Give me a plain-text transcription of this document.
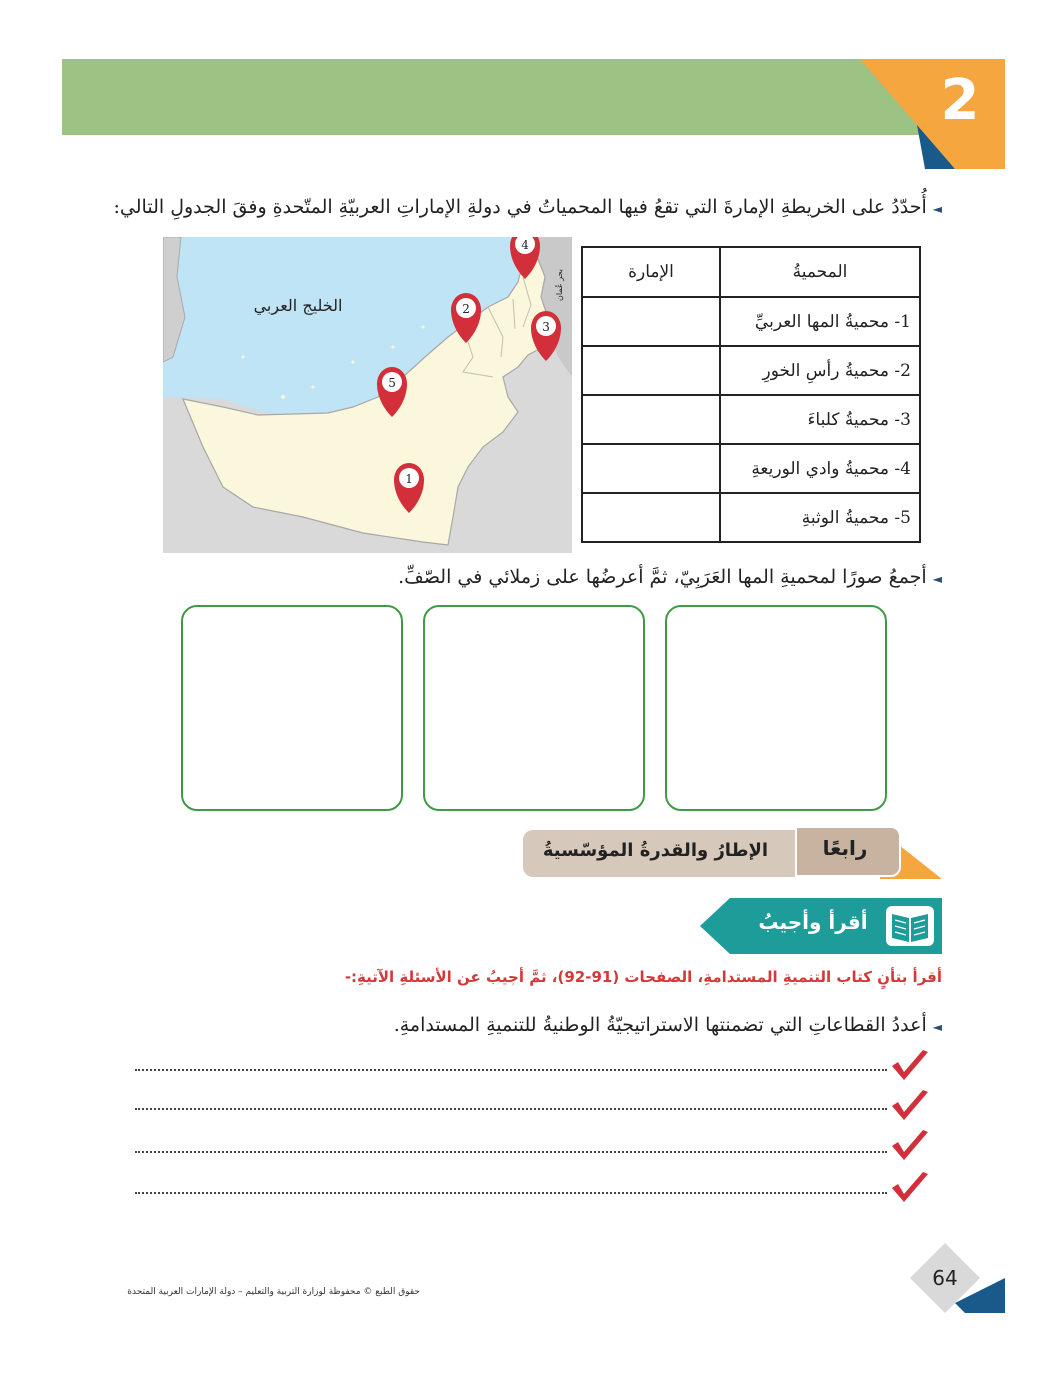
2
◄ أُحدّدُ على الخريطةِ الإمارةَ التي تقعُ فيها المحمياتُ في دولةِ الإماراتِ العربيّةِ المتّحدةِ وفقَ الجدولِ التالي:
الخليج العربي
بحر عُمان
4
2
3
5
1
المحميةُ	الإمارة
1- محميةُ المها العربيِّ	
2- محميةُ رأسِ الخورِ	
3- محميةُ كلباءَ	
4- محميةُ وادي الوريعةِ	
5- محميةُ الوثبةِ	
◄ أجمعُ صورًا لمحميةِ المها العَرَبِيّ، ثمَّ أعرضُها على زملائي في الصّفِّ.
الإطارُ والقدرةُ المؤسّسيةُ	رابعًا
أقرأ وأجيبُ
أقرأ بتأنٍ كتاب التنميةِ المستدامةِ، الصفحات (91-92)، ثمَّ أجيبُ عن الأسئلةِ الآتيةِ:-
◄ أعددُ القطاعاتِ التي تضمنتها الاستراتيجيّةُ الوطنيةُ للتنميةِ المستدامةِ.
64
حقوق الطبع © محفوظة لوزارة التربية والتعليم – دولة الإمارات العربية المتحدة
